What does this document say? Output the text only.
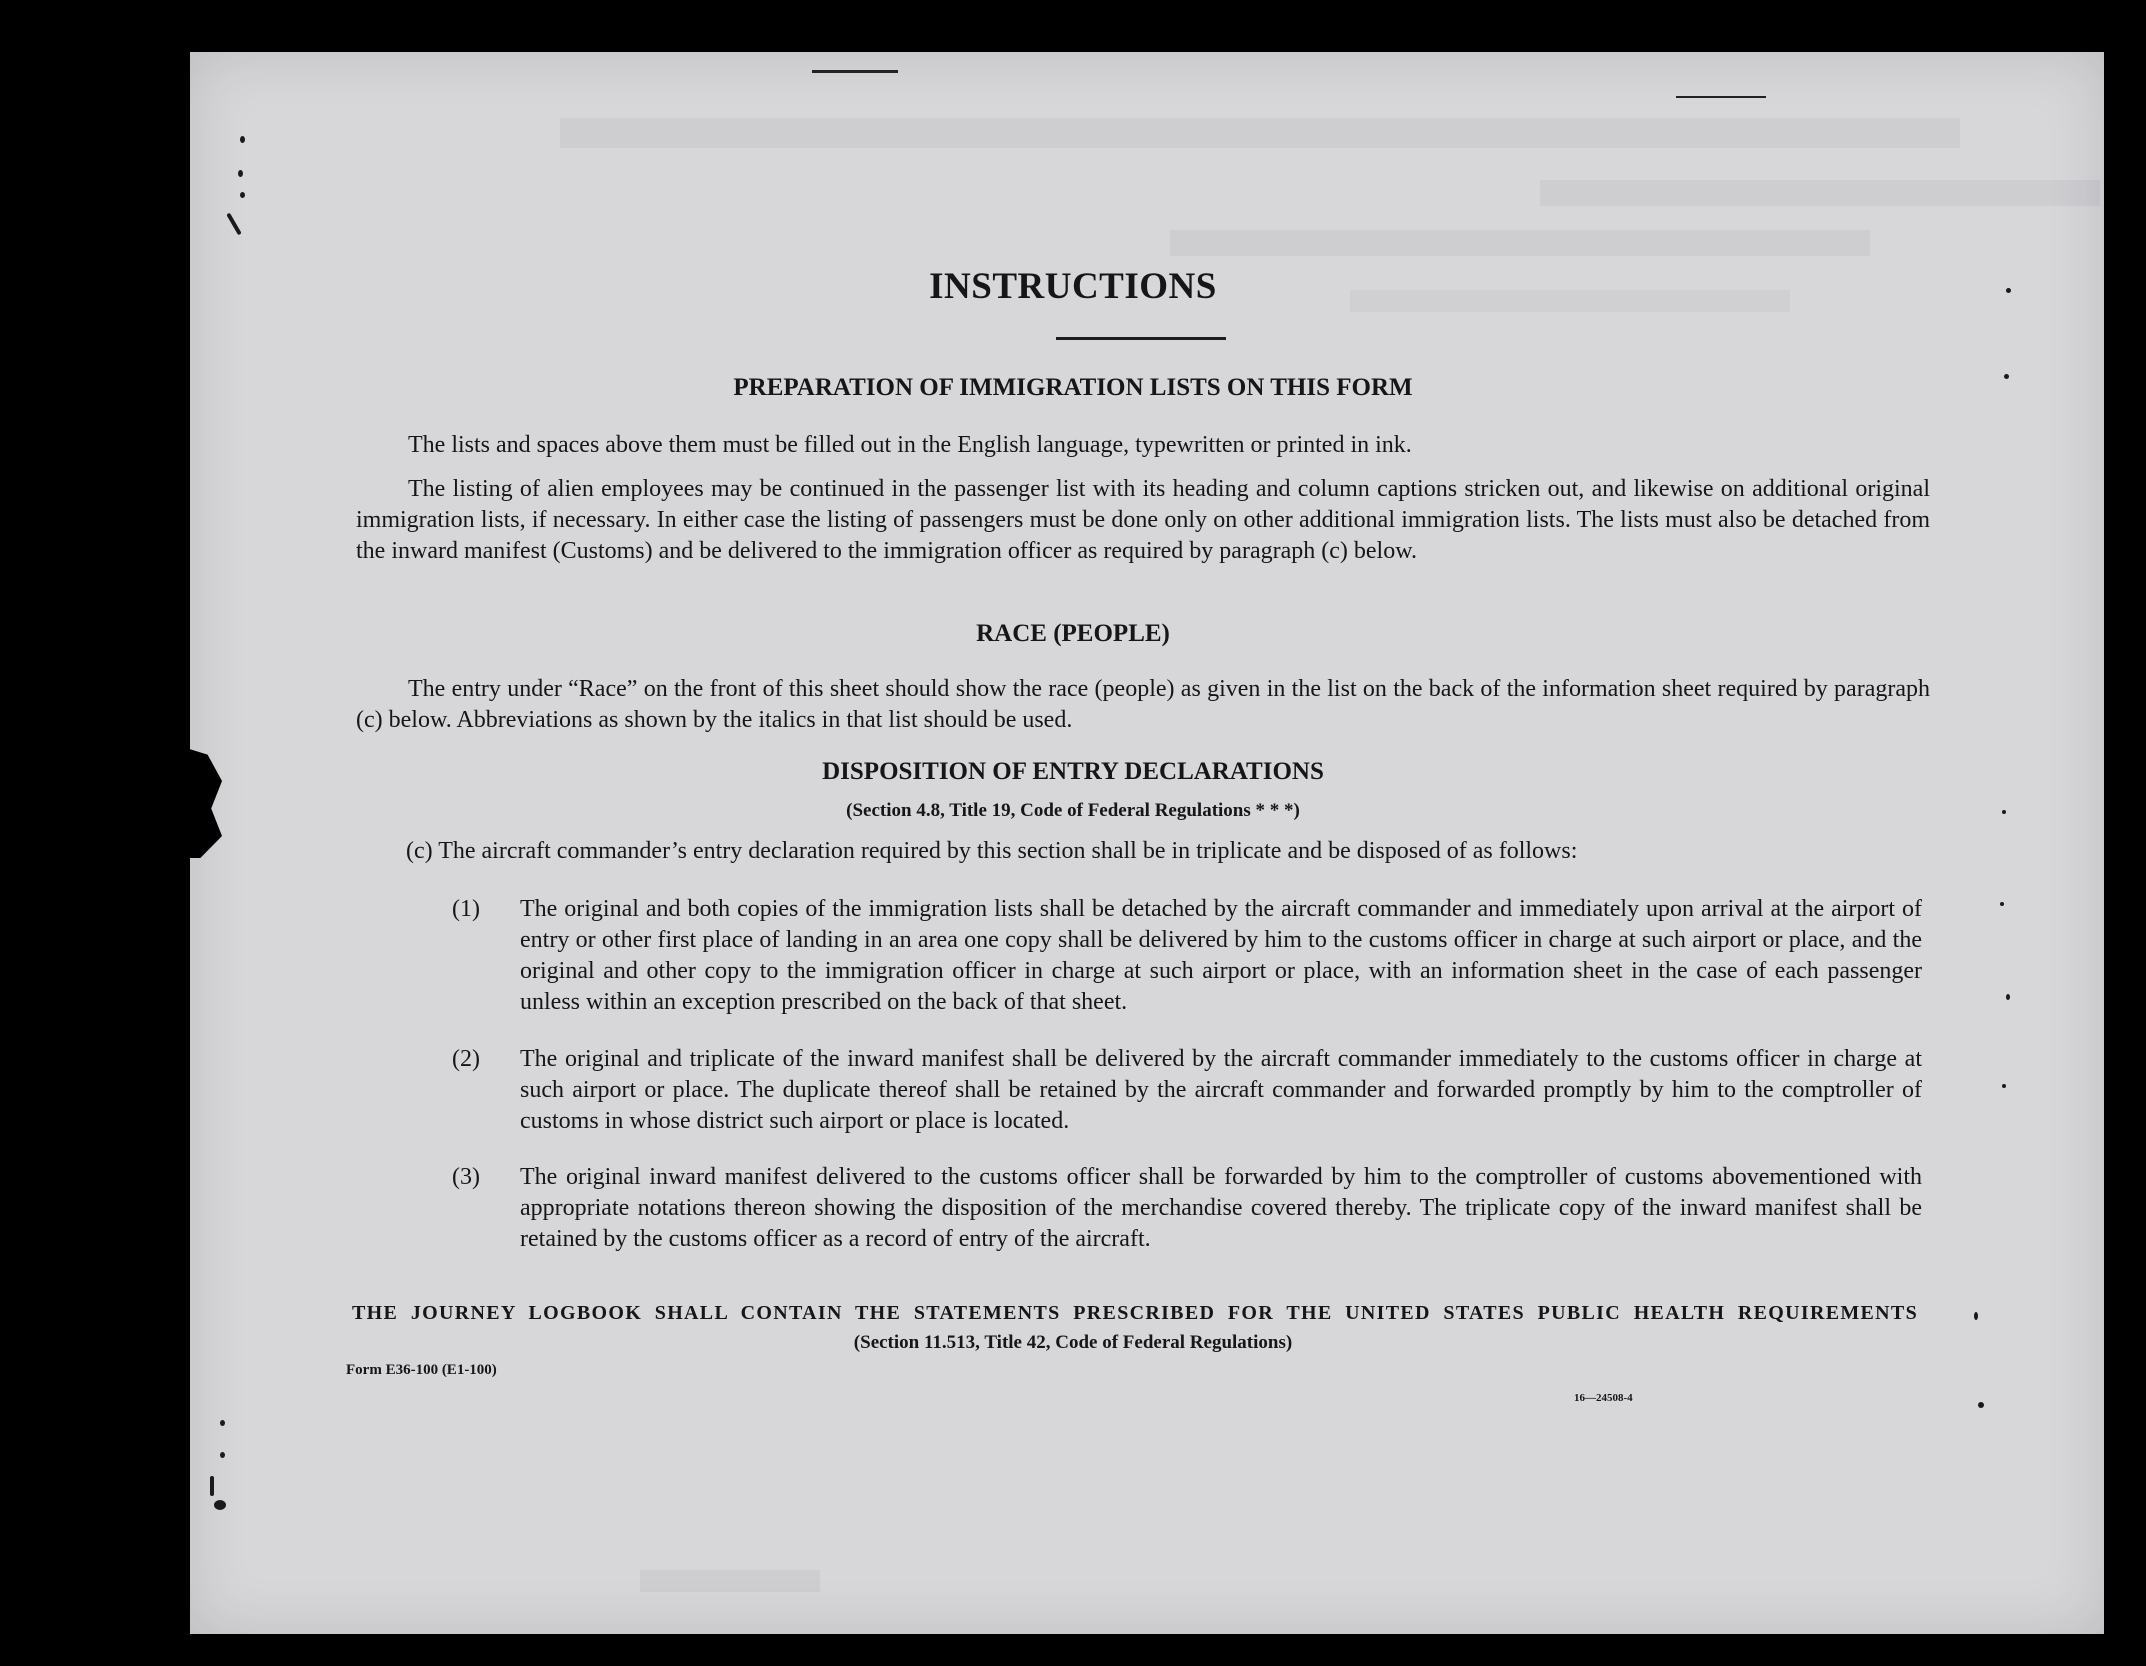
INSTRUCTIONS
PREPARATION OF IMMIGRATION LISTS ON THIS FORM

The lists and spaces above them must be filled out in the English language, typewritten or printed in ink.

The listing of alien employees may be continued in the passenger list with its heading and column captions stricken out, and likewise on additional original immigration lists, if necessary. In either case the listing of passengers must be done only on other additional immigration lists. The lists must also be detached from the inward manifest (Customs) and be delivered to the immigration officer as required by paragraph (c) below.

RACE (PEOPLE)

The entry under “Race” on the front of this sheet should show the race (people) as given in the list on the back of the information sheet required by paragraph (c) below. Abbreviations as shown by the italics in that list should be used.

DISPOSITION OF ENTRY DECLARATIONS

(Section 4.8, Title 19, Code of Federal Regulations * * *)

(c) The aircraft commander’s entry declaration required by this section shall be in triplicate and be disposed of as follows:

(1) The original and both copies of the immigration lists shall be detached by the aircraft commander and immediately upon arrival at the airport of entry or other first place of landing in an area one copy shall be delivered by him to the customs officer in charge at such airport or place, and the original and other copy to the immigration officer in charge at such airport or place, with an information sheet in the case of each passenger unless within an exception prescribed on the back of that sheet.
(2) The original and triplicate of the inward manifest shall be delivered by the aircraft commander immediately to the customs officer in charge at such airport or place. The duplicate thereof shall be retained by the aircraft commander and forwarded promptly by him to the comptroller of customs in whose district such airport or place is located.
(3) The original inward manifest delivered to the customs officer shall be forwarded by him to the comptroller of customs abovementioned with appropriate notations thereon showing the disposition of the merchandise covered thereby. The triplicate copy of the inward manifest shall be retained by the customs officer as a record of entry of the aircraft.

THE JOURNEY LOGBOOK SHALL CONTAIN THE STATEMENTS PRESCRIBED FOR THE UNITED STATES PUBLIC HEALTH REQUIREMENTS

(Section 11.513, Title 42, Code of Federal Regulations)

Form E36-100 (E1-100)

16—24508-4
